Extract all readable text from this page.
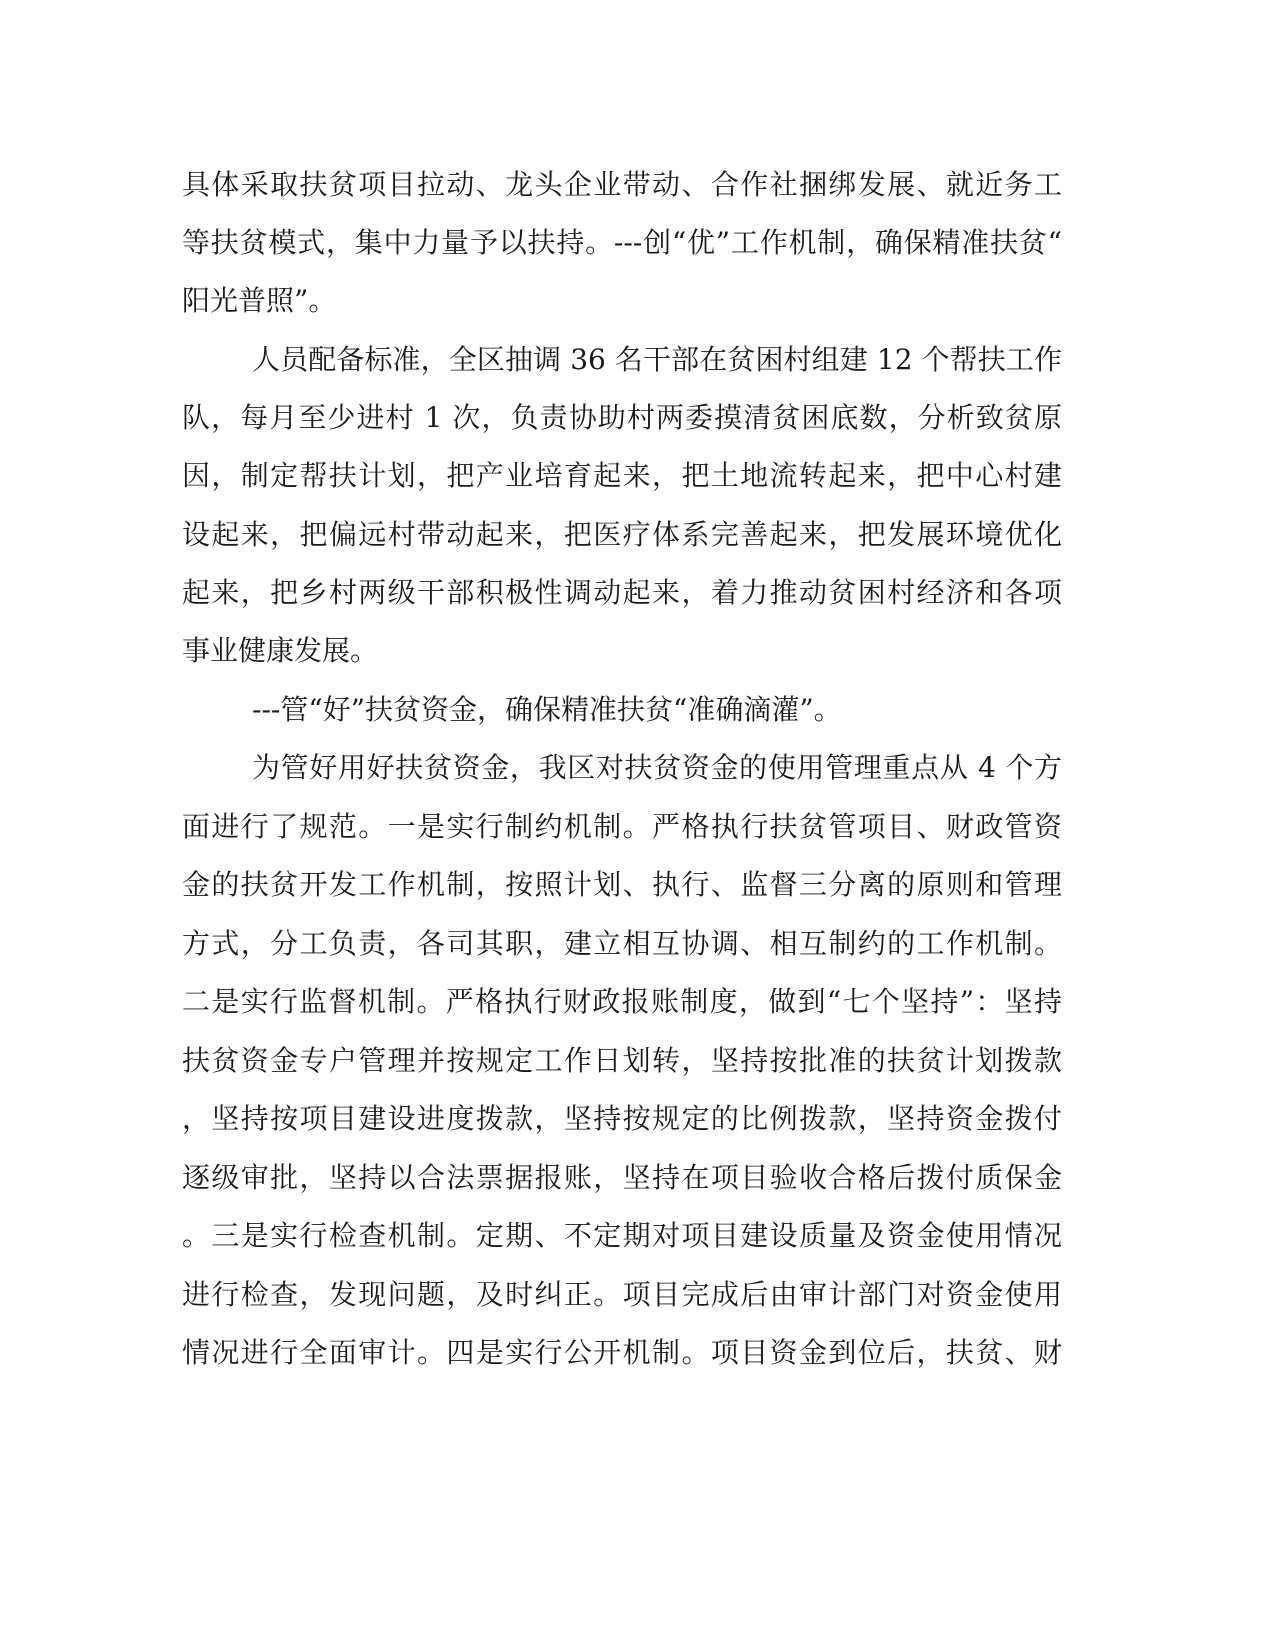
具体采取扶贫项目拉动、龙头企业带动、合作社捆绑发展、就近务工
等扶贫模式，集中力量予以扶持。---创“优”工作机制，确保精准扶贫“
阳光普照”。
人员配备标准，全区抽调 36 名干部在贫困村组建 12 个帮扶工作
队，每月至少进村 1 次，负责协助村两委摸清贫困底数，分析致贫原
因，制定帮扶计划，把产业培育起来，把土地流转起来，把中心村建
设起来，把偏远村带动起来，把医疗体系完善起来，把发展环境优化
起来，把乡村两级干部积极性调动起来，着力推动贫困村经济和各项
事业健康发展。
---管“好”扶贫资金，确保精准扶贫“准确滴灌”。
为管好用好扶贫资金，我区对扶贫资金的使用管理重点从 4 个方
面进行了规范。一是实行制约机制。严格执行扶贫管项目、财政管资
金的扶贫开发工作机制，按照计划、执行、监督三分离的原则和管理
方式，分工负责，各司其职，建立相互协调、相互制约的工作机制。
二是实行监督机制。严格执行财政报账制度，做到“七个坚持”：坚持
扶贫资金专户管理并按规定工作日划转，坚持按批准的扶贫计划拨款
，坚持按项目建设进度拨款，坚持按规定的比例拨款，坚持资金拨付
逐级审批，坚持以合法票据报账，坚持在项目验收合格后拨付质保金
。三是实行检查机制。定期、不定期对项目建设质量及资金使用情况
进行检查，发现问题，及时纠正。项目完成后由审计部门对资金使用
情况进行全面审计。四是实行公开机制。项目资金到位后，扶贫、财
